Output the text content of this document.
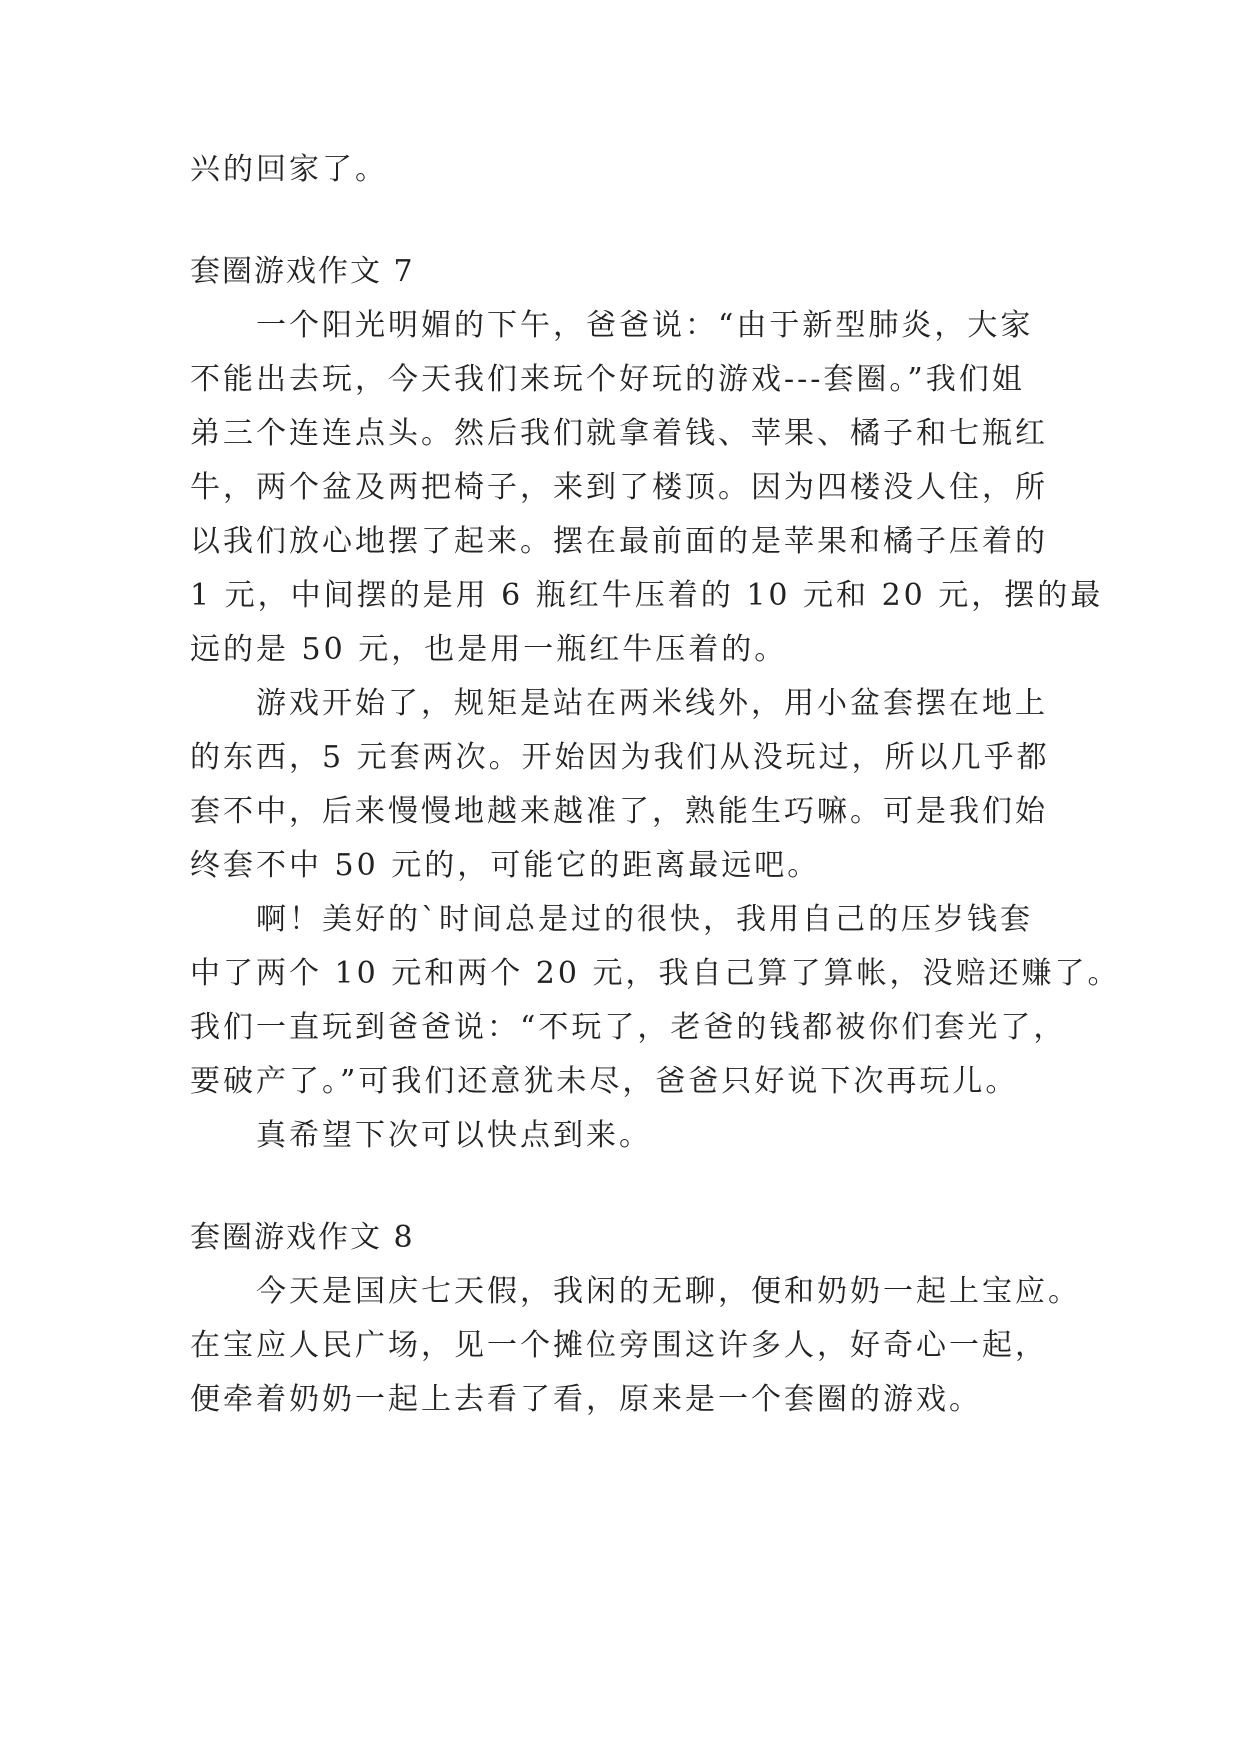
兴的回家了。

套圈游戏作文 7

一个阳光明媚的下午，爸爸说：“由于新型肺炎，大家

不能出去玩，今天我们来玩个好玩的游戏---套圈。”我们姐

弟三个连连点头。然后我们就拿着钱、苹果、橘子和七瓶红

牛，两个盆及两把椅子，来到了楼顶。因为四楼没人住，所

以我们放心地摆了起来。摆在最前面的是苹果和橘子压着的

1 元，中间摆的是用 6 瓶红牛压着的 10 元和 20 元，摆的最

远的是 50 元，也是用一瓶红牛压着的。

游戏开始了，规矩是站在两米线外，用小盆套摆在地上

的东西，5 元套两次。开始因为我们从没玩过，所以几乎都

套不中，后来慢慢地越来越准了，熟能生巧嘛。可是我们始

终套不中 50 元的，可能它的距离最远吧。

啊！美好的`时间总是过的很快，我用自己的压岁钱套

中了两个 10 元和两个 20 元，我自己算了算帐，没赔还赚了。

我们一直玩到爸爸说：“不玩了，老爸的钱都被你们套光了，

要破产了。”可我们还意犹未尽，爸爸只好说下次再玩儿。

真希望下次可以快点到来。

套圈游戏作文 8

今天是国庆七天假，我闲的无聊，便和奶奶一起上宝应。

在宝应人民广场，见一个摊位旁围这许多人，好奇心一起，

便牵着奶奶一起上去看了看，原来是一个套圈的游戏。
